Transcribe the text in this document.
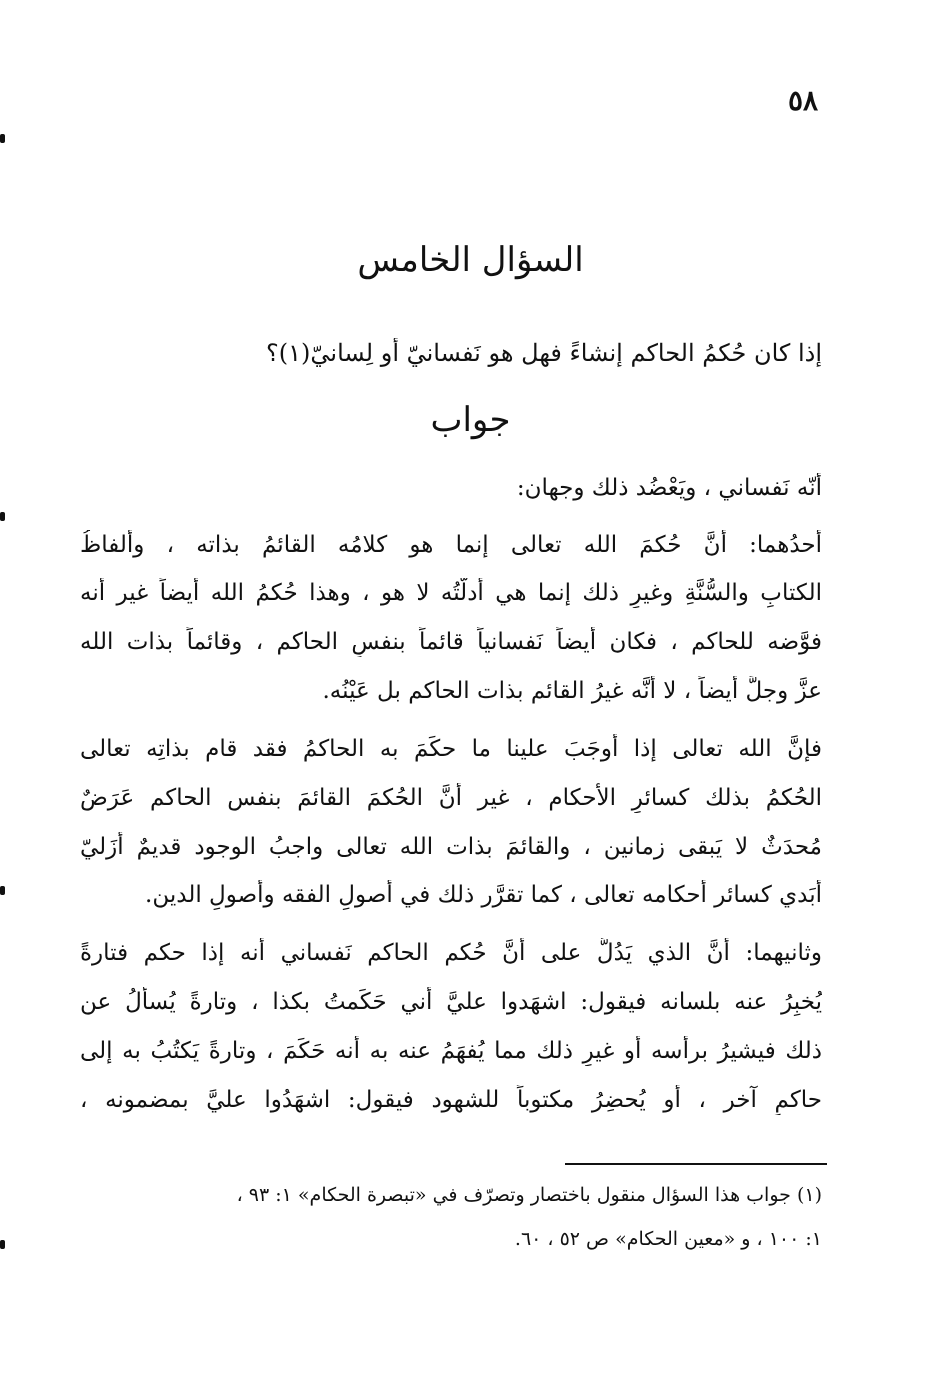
٥٨
السؤال الخامس
إذا كان حُكمُ الحاكم إنشاءً فهل هو نَفسانيّ أو لِسانيّ(١)؟
جواب
أنّه نَفساني ، ويَعْضُد ذلك وجهان:
أحدُهما: أنَّ حُكمَ الله تعالى إنما هو كلامُه القائمُ بذاته ، وألفاظُ
الكتابِ والسُّنَّةِ وغيرِ ذلك إنما هي أدلَّتُه لا هو ، وهذا حُكمُ الله أيضاً غير أنه
فوَّضه للحاكم ، فكان أيضاً نَفسانياً قائماً بنفسِ الحاكم ، وقائماً بذات الله
عزَّ وجلَّ أيضاً ، لا أنَّه غيرُ القائم بذات الحاكم بل عَيْنُه.
فإنَّ الله تعالى إذا أوجَبَ علينا ما حكَمَ به الحاكمُ فقد قام بذاتِه تعالى
الحُكمُ بذلك كسائرِ الأحكام ، غير أنَّ الحُكمَ القائمَ بنفس الحاكم عَرَضٌ
مُحدَثٌ لا يَبقى زمانين ، والقائمَ بذات الله تعالى واجبُ الوجود قديمٌ أَزَليّ
أَبَدي كسائر أحكامه تعالى ، كما تقرَّر ذلك في أصولِ الفقه وأصولِ الدين.
وثانيهما: أنَّ الذي يَدُلُّ على أنَّ حُكم الحاكم نَفساني أنه إذا حكم فتارةً
يُخبِرُ عنه بلسانه فيقول: اشهَدوا عليَّ أني حَكَمتُ بكذا ، وتارةً يُسأَلُ عن
ذلك فيشيرُ برأسه أو غيرِ ذلك مما يُفهَمُ عنه به أنه حَكَمَ ، وتارةً يَكتُبُ به إلى
حاكمٍ آخر ، أو يُحضِرُ مكتوباً للشهود فيقول: اشهَدُوا عليَّ بمضمونه ،
(١) جواب هذا السؤال منقول باختصار وتصرّف في «تبصرة الحكام» ١: ٩٣ ،
١: ١٠٠ ، و «معين الحكام» ص ٥٢ ، ٦٠.
